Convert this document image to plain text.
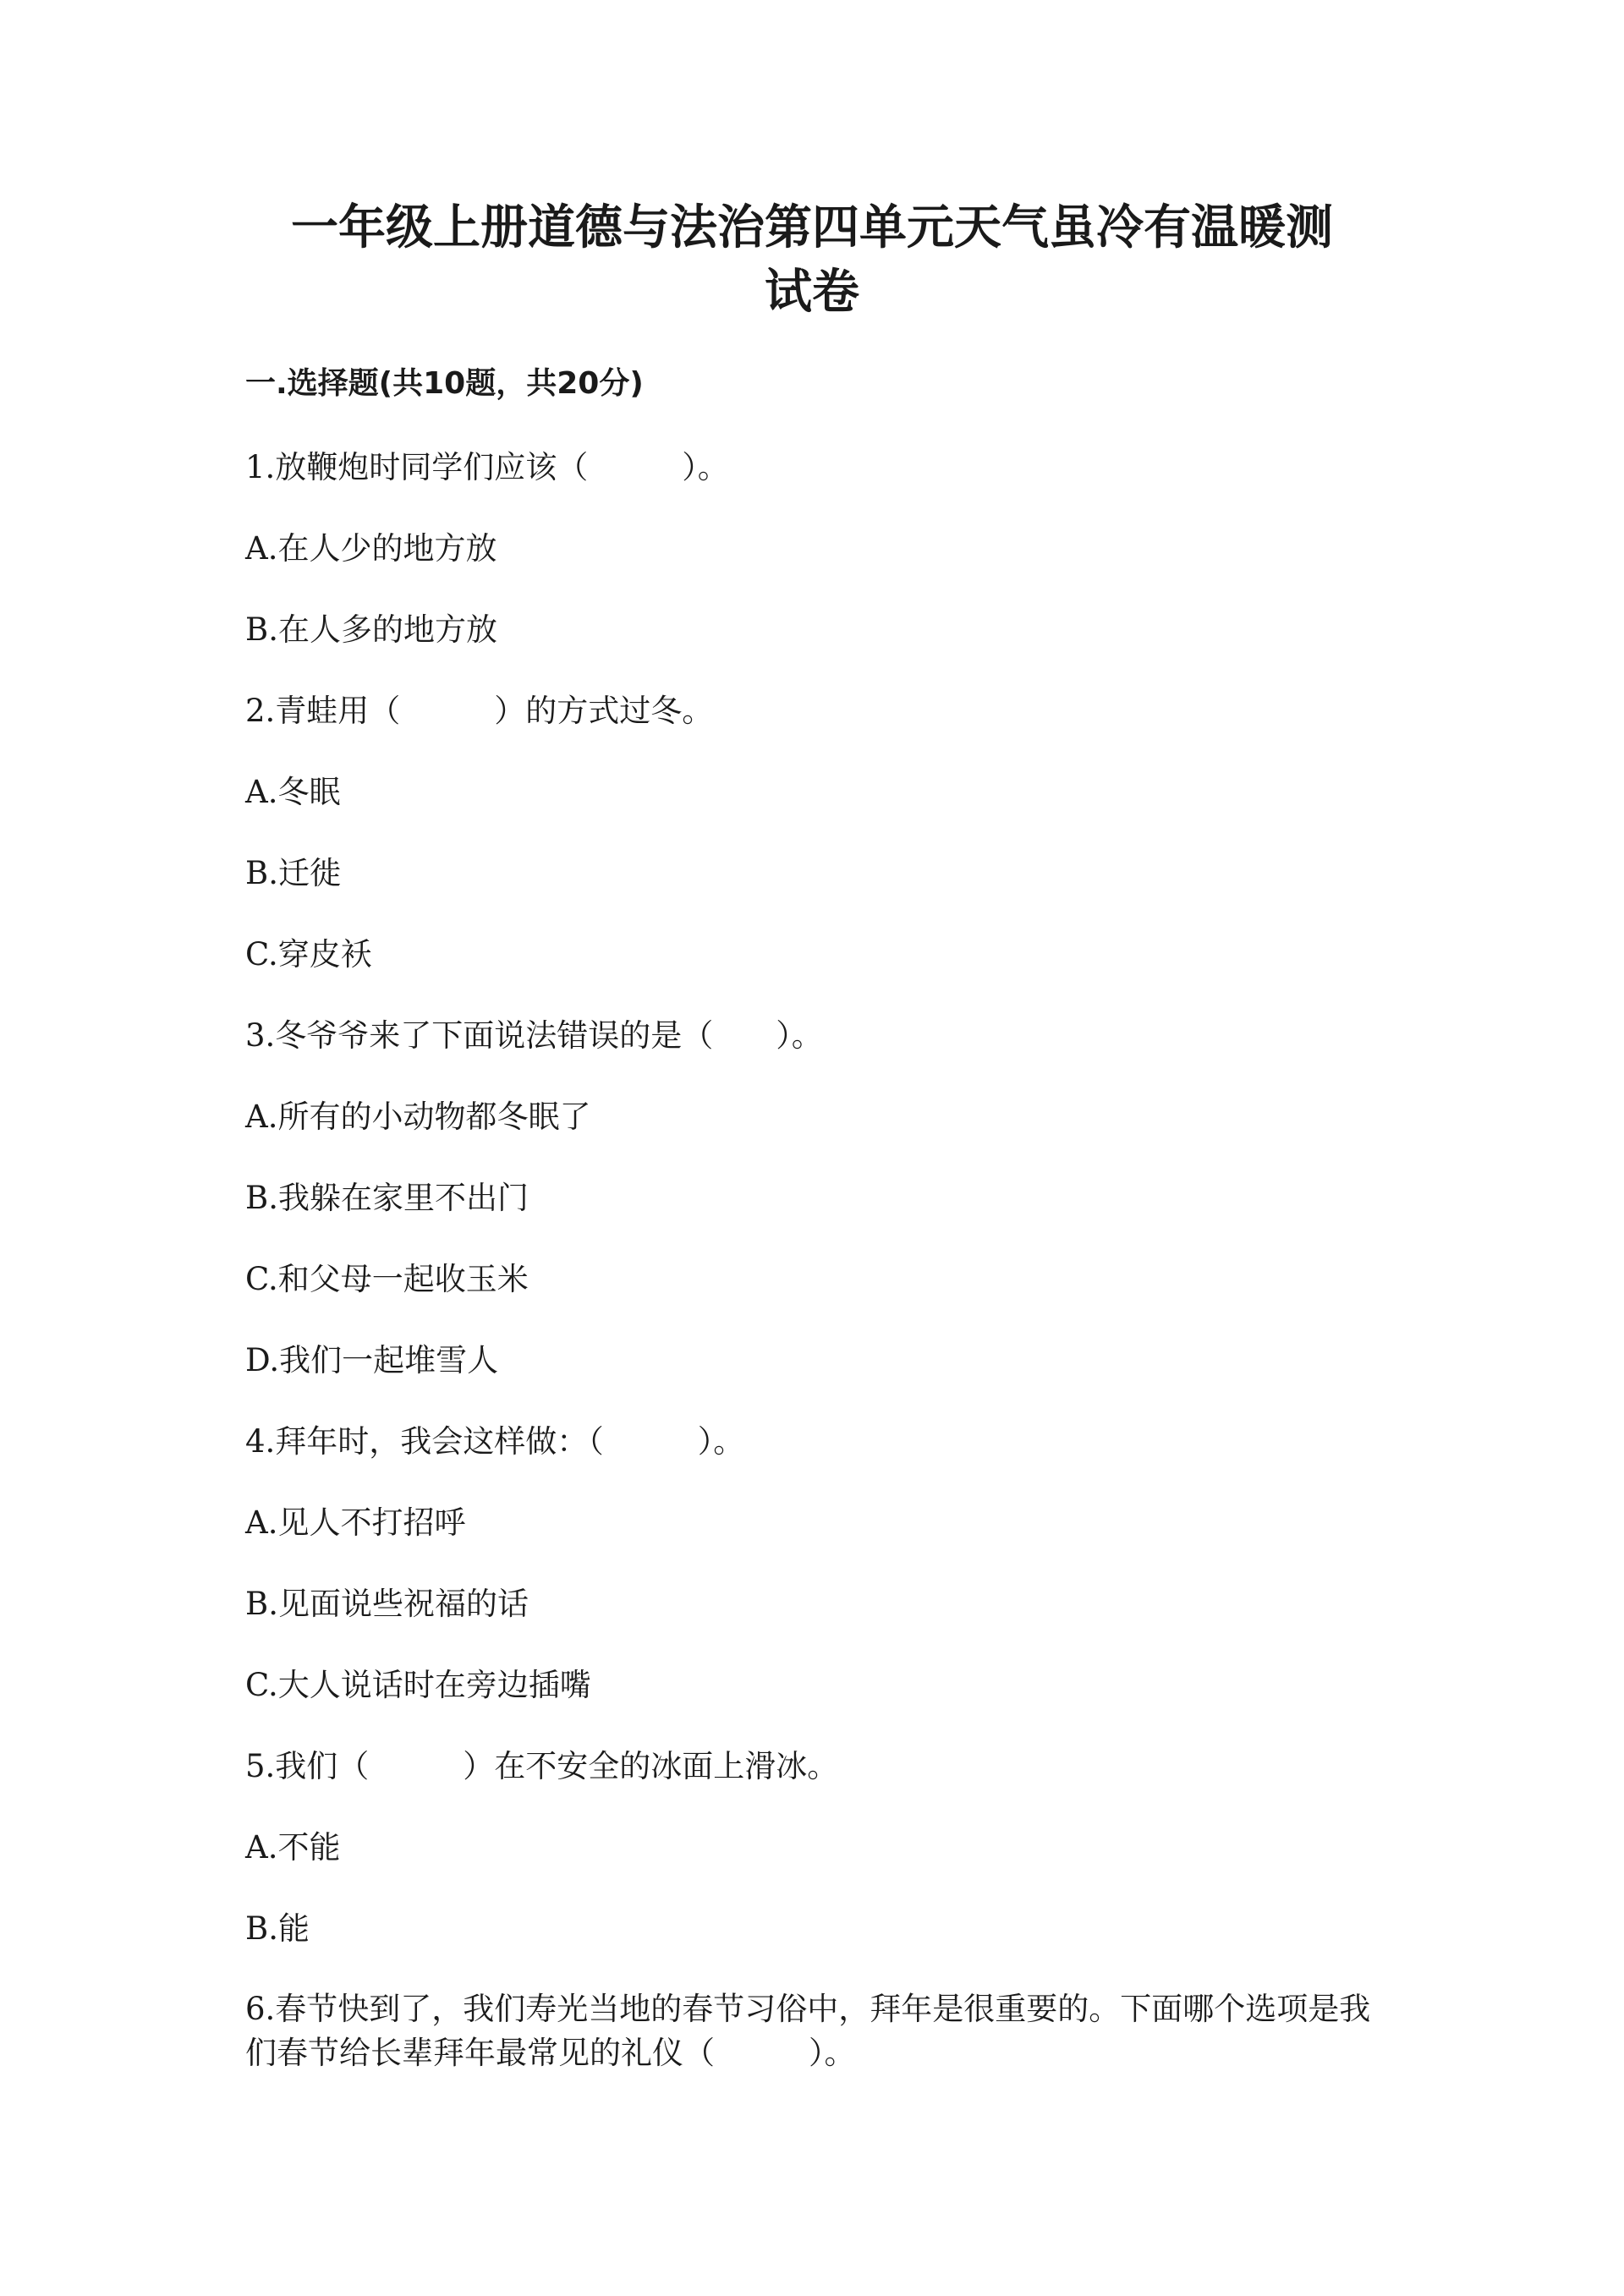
一年级上册道德与法治第四单元天气虽冷有温暖测
试卷
一.选择题(共10题，共20分)
1.放鞭炮时同学们应该（　　　）。
A.在人少的地方放
B.在人多的地方放
2.青蛙用（　　　）的方式过冬。
A.冬眠
B.迁徙
C.穿皮袄
3.冬爷爷来了下面说法错误的是（　　）。
A.所有的小动物都冬眠了
B.我躲在家里不出门
C.和父母一起收玉米
D.我们一起堆雪人
4.拜年时，我会这样做：（　　　）。
A.见人不打招呼
B.见面说些祝福的话
C.大人说话时在旁边插嘴
5.我们（　　　）在不安全的冰面上滑冰。
A.不能
B.能
6.春节快到了，我们寿光当地的春节习俗中，拜年是很重要的。下面哪个选项是我们春节给长辈拜年最常见的礼仪（　　　）。
